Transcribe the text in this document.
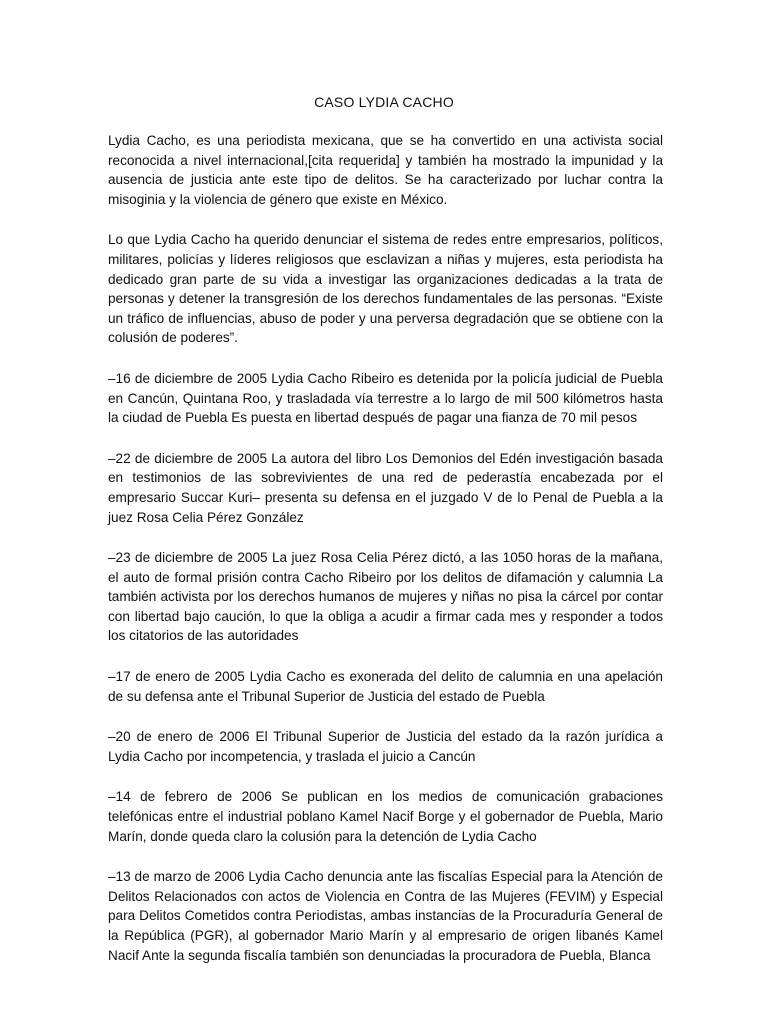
CASO LYDIA CACHO

Lydia Cacho, es una periodista mexicana, que se ha convertido en una activista social reconocida a nivel internacional,[cita requerida] y también ha mostrado la impunidad y la ausencia de justicia ante este tipo de delitos. Se ha caracterizado por luchar contra la misoginia y la violencia de género que existe en México.

Lo que Lydia Cacho ha querido denunciar el sistema de redes entre empresarios, políticos, militares, policías y líderes religiosos que esclavizan a niñas y mujeres, esta periodista ha dedicado gran parte de su vida a investigar las organizaciones dedicadas a la trata de personas y detener la transgresión de los derechos fundamentales de las personas. “Existe un tráfico de influencias, abuso de poder y una perversa degradación que se obtiene con la colusión de poderes”.

–16 de diciembre de 2005 Lydia Cacho Ribeiro es detenida por la policía judicial de Puebla en Cancún, Quintana Roo, y trasladada vía terrestre a lo largo de mil 500 kilómetros hasta la ciudad de Puebla Es puesta en libertad después de pagar una fianza de 70 mil pesos

–22 de diciembre de 2005 La autora del libro Los Demonios del Edén investigación basada en testimonios de las sobrevivientes de una red de pederastía encabezada por el empresario Succar Kuri– presenta su defensa en el juzgado V de lo Penal de Puebla a la juez Rosa Celia Pérez González

–23 de diciembre de 2005 La juez Rosa Celia Pérez dictó, a las 1050 horas de la mañana, el auto de formal prisión contra Cacho Ribeiro por los delitos de difamación y calumnia La también activista por los derechos humanos de mujeres y niñas no pisa la cárcel por contar con libertad bajo caución, lo que la obliga a acudir a firmar cada mes y responder a todos los citatorios de las autoridades

–17 de enero de 2005 Lydia Cacho es exonerada del delito de calumnia en una apelación de su defensa ante el Tribunal Superior de Justicia del estado de Puebla

–20 de enero de 2006 El Tribunal Superior de Justicia del estado da la razón jurídica a Lydia Cacho por incompetencia, y traslada el juicio a Cancún

–14 de febrero de 2006 Se publican en los medios de comunicación grabaciones telefónicas entre el industrial poblano Kamel Nacif Borge y el gobernador de Puebla, Mario Marín, donde queda claro la colusión para la detención de Lydia Cacho

–13 de marzo de 2006 Lydia Cacho denuncia ante las fiscalías Especial para la Atención de Delitos Relacionados con actos de Violencia en Contra de las Mujeres (FEVIM) y Especial para Delitos Cometidos contra Periodistas, ambas instancias de la Procuraduría General de la República (PGR), al gobernador Mario Marín y al empresario de origen libanés Kamel Nacif Ante la segunda fiscalía también son denunciadas la procuradora de Puebla, Blanca
